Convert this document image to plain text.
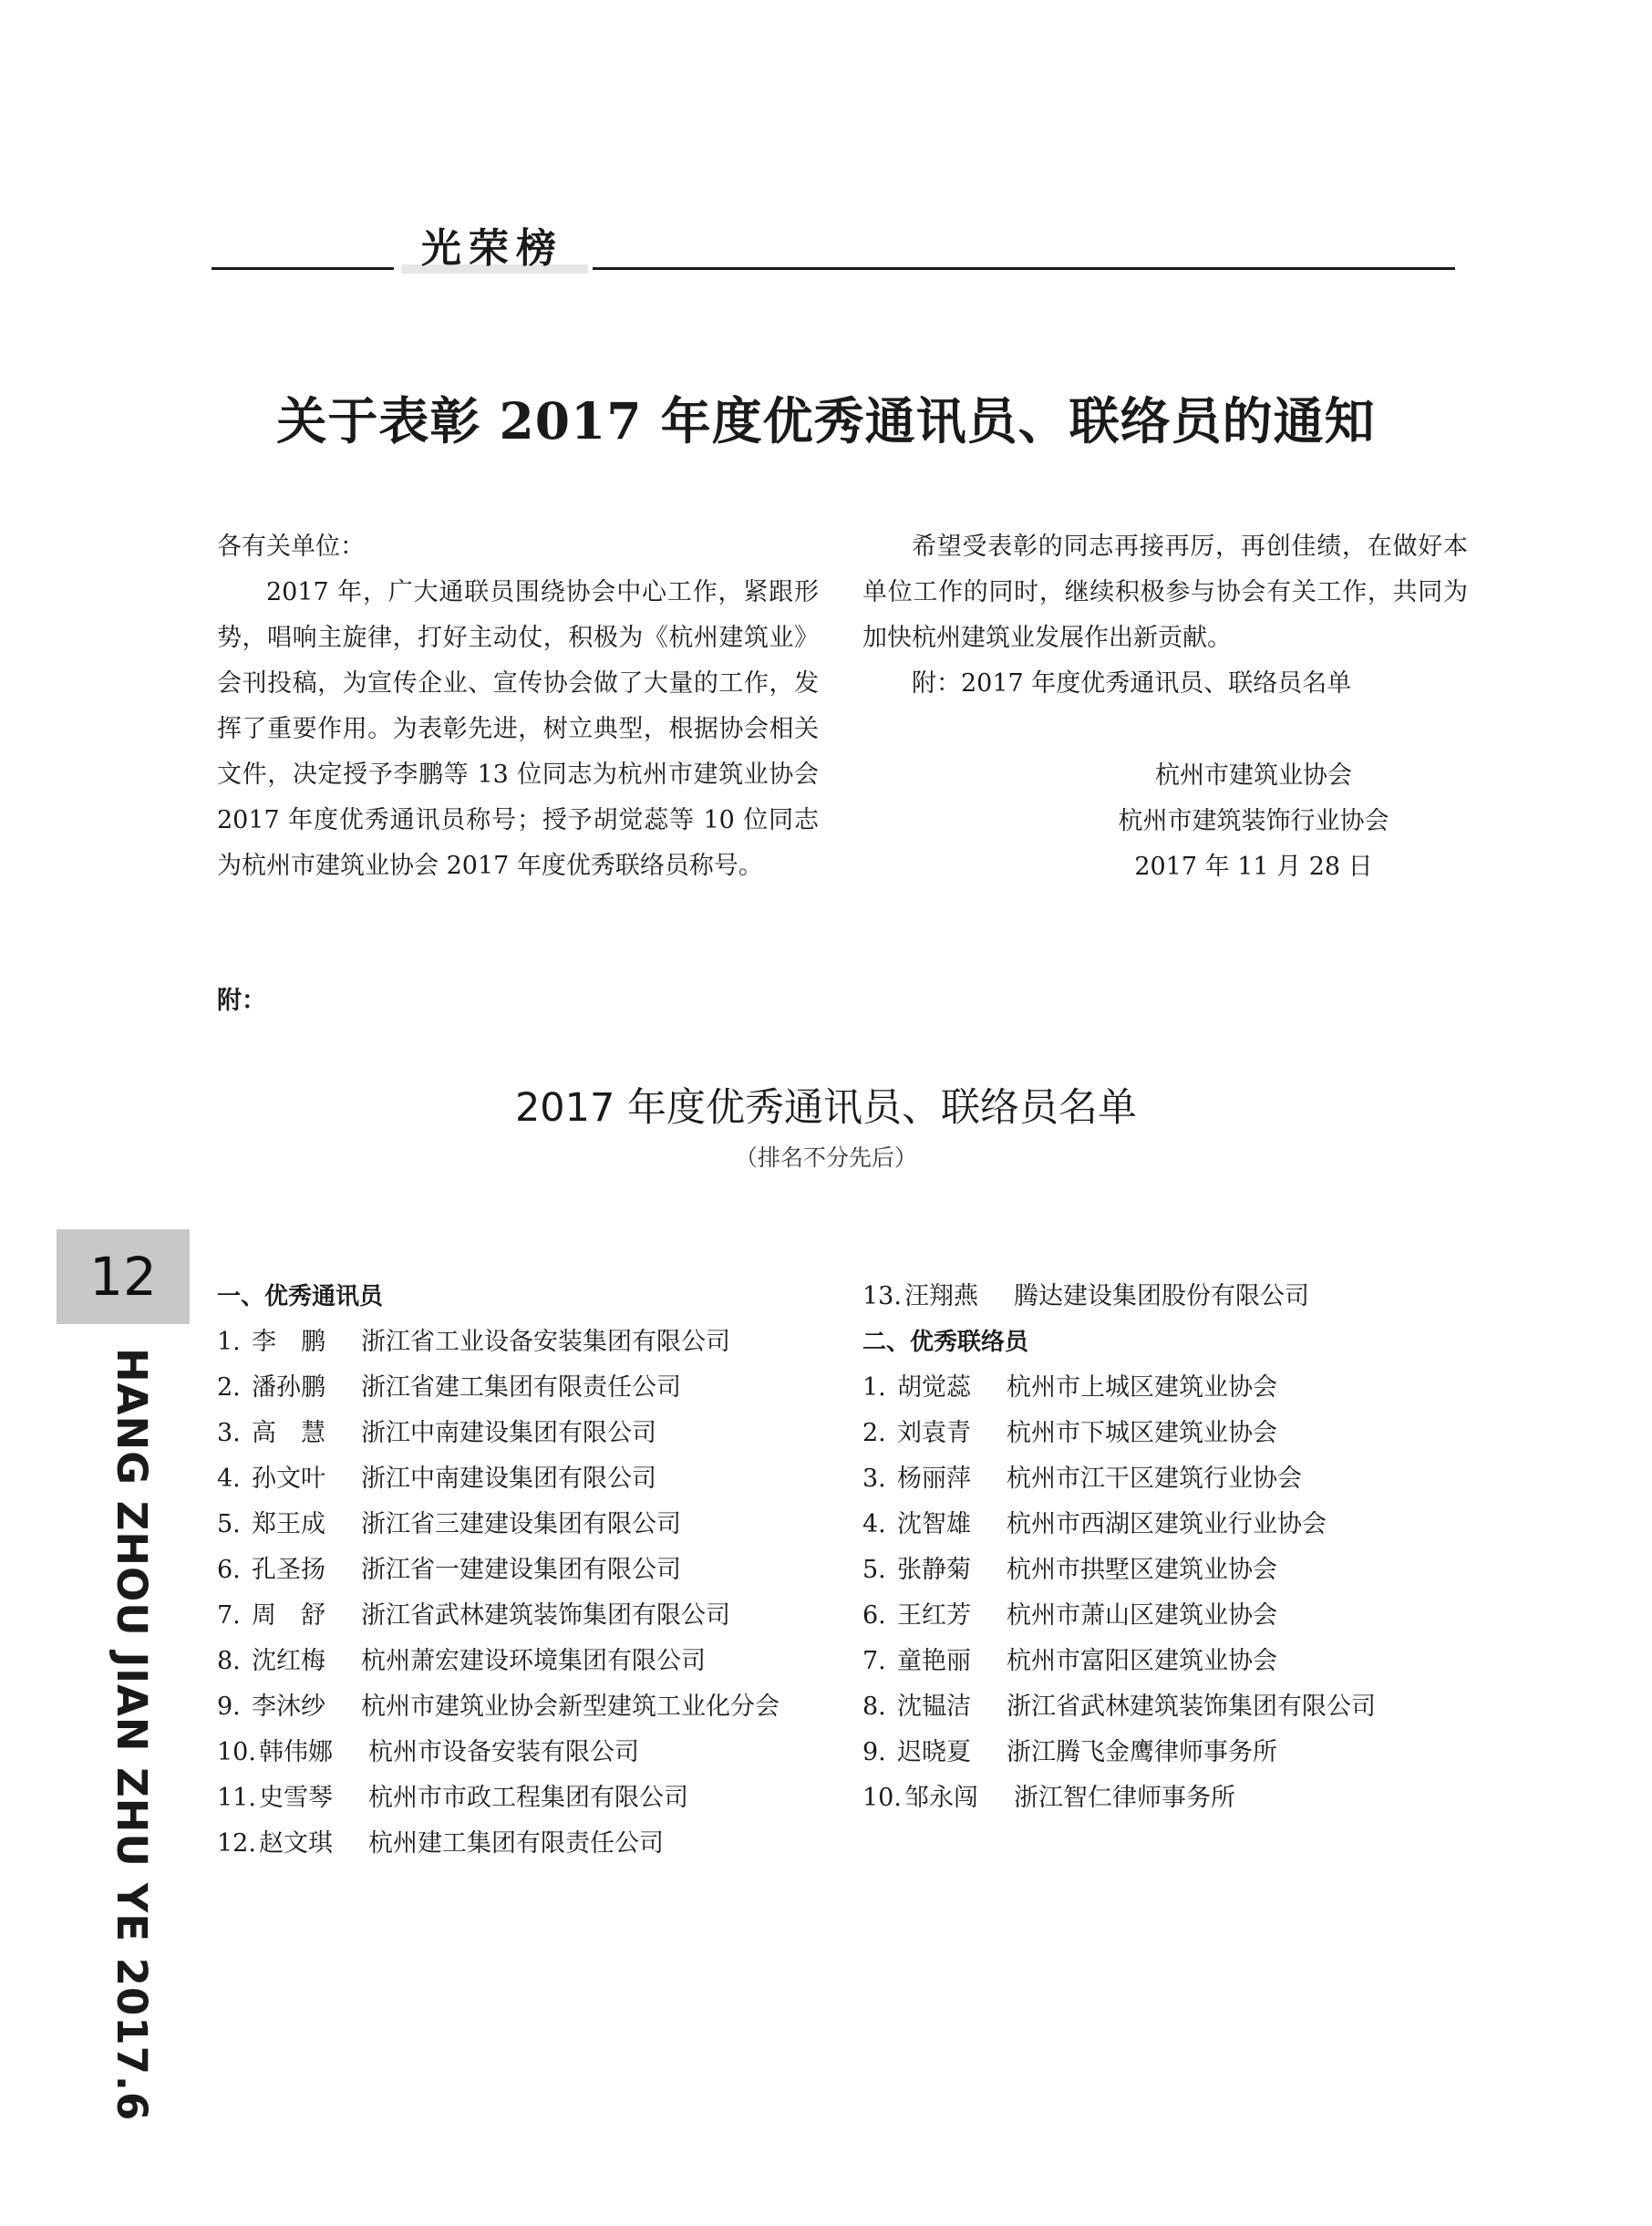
光荣榜
关于表彰 2017 年度优秀通讯员、联络员的通知

各有关单位：

2017 年，广大通联员围绕协会中心工作，紧跟形势，唱响主旋律，打好主动仗，积极为《杭州建筑业》会刊投稿，为宣传企业、宣传协会做了大量的工作，发挥了重要作用。为表彰先进，树立典型，根据协会相关文件，决定授予李鹏等 13 位同志为杭州市建筑业协会 2017 年度优秀通讯员称号；授予胡觉蕊等 10 位同志为杭州市建筑业协会 2017 年度优秀联络员称号。

希望受表彰的同志再接再厉，再创佳绩，在做好本单位工作的同时，继续积极参与协会有关工作，共同为加快杭州建筑业发展作出新贡献。

附：2017 年度优秀通讯员、联络员名单

杭州市建筑业协会
杭州市建筑装饰行业协会
2017 年 11 月 28 日
附：
2017 年度优秀通讯员、联络员名单
（排名不分先后）
12
HANG ZHOU JIAN ZHU YE 2017.6
一、优秀通讯员
1. 李　鹏 浙江省工业设备安装集团有限公司
2. 潘孙鹏 浙江省建工集团有限责任公司
3. 高　慧 浙江中南建设集团有限公司
4. 孙文叶 浙江中南建设集团有限公司
5. 郑王成 浙江省三建建设集团有限公司
6. 孔圣扬 浙江省一建建设集团有限公司
7. 周　舒 浙江省武林建筑装饰集团有限公司
8. 沈红梅 杭州萧宏建设环境集团有限公司
9. 李沐纱 杭州市建筑业协会新型建筑工业化分会
10. 韩伟娜 杭州市设备安装有限公司
11. 史雪琴 杭州市市政工程集团有限公司
12. 赵文琪 杭州建工集团有限责任公司
13. 汪翔燕 腾达建设集团股份有限公司
二、优秀联络员
1. 胡觉蕊 杭州市上城区建筑业协会
2. 刘袁青 杭州市下城区建筑业协会
3. 杨丽萍 杭州市江干区建筑行业协会
4. 沈智雄 杭州市西湖区建筑业行业协会
5. 张静菊 杭州市拱墅区建筑业协会
6. 王红芳 杭州市萧山区建筑业协会
7. 童艳丽 杭州市富阳区建筑业协会
8. 沈韫洁 浙江省武林建筑装饰集团有限公司
9. 迟晓夏 浙江腾飞金鹰律师事务所
10. 邹永闯 浙江智仁律师事务所
